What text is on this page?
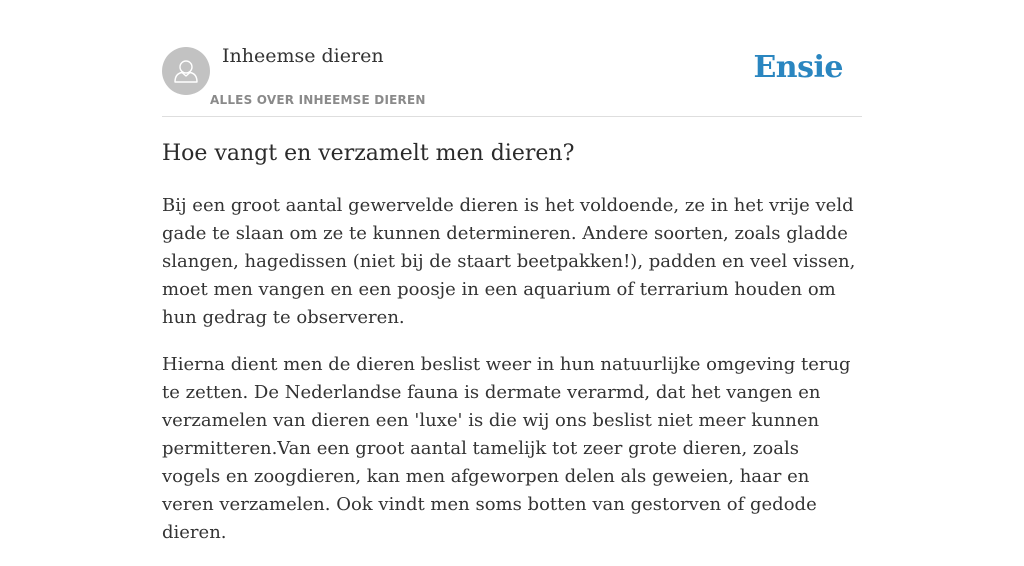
Inheemse dieren
ALLES OVER INHEEMSE DIEREN
Ensie
Hoe vangt en verzamelt men dieren?

Bij een groot aantal gewervelde dieren is het voldoende, ze in het vrije veld gade te slaan om ze te kunnen determineren. Andere soorten, zoals gladde slangen, hagedissen (niet bij de staart beetpakken!), padden en veel vissen, moet men vangen en een poosje in een aquarium of terrarium houden om hun gedrag te observeren.

Hierna dient men de dieren beslist weer in hun natuurlijke omgeving terug te zetten. De Nederlandse fauna is dermate verarmd, dat het vangen en verzamelen van dieren een 'luxe' is die wij ons beslist niet meer kunnen permitteren.Van een groot aantal tamelijk tot zeer grote dieren, zoals vogels en zoogdieren, kan men afgeworpen delen als geweien, haar en veren verzamelen. Ook vindt men soms botten van gestorven of gedode dieren.
